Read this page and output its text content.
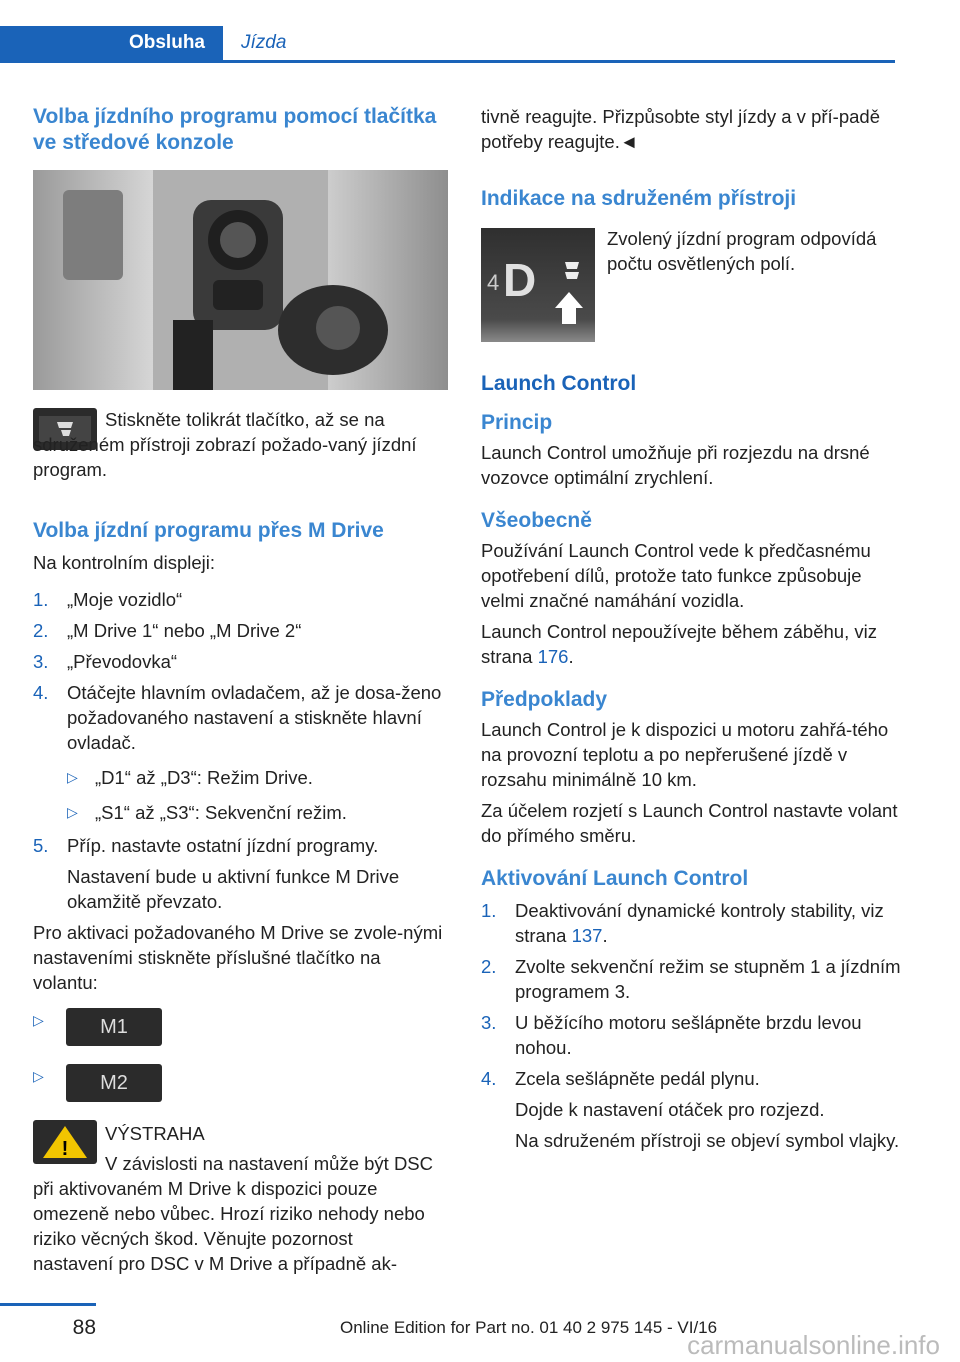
Obsluha	Jízda
Volba jízdního programu pomocí tlačítka ve středové konzole
Stiskněte tolikrát tlačítko, až se na sdruženém přístroji zobrazí požado-vaný jízdní program.
Volba jízdní programu přes M Drive
Na kontrolním displeji:
1. „Moje vozidlo“
2. „M Drive 1“ nebo „M Drive 2“
3. „Převodovka“
4. Otáčejte hlavním ovladačem, až je dosa-ženo požadovaného nastavení a stiskněte hlavní ovladač.
▷ „D1“ až „D3“: Režim Drive.
▷ „S1“ až „S3“: Sekvenční režim.
5. Příp. nastavte ostatní jízdní programy.
Nastavení bude u aktivní funkce M Drive okamžitě převzato.
Pro aktivaci požadovaného M Drive se zvole-nými nastaveními stiskněte příslušné tlačítko na volantu:
▷	M1
▷	M2
!
VÝSTRAHA
V závislosti na nastavení může být DSC při aktivovaném M Drive k dispozici pouze omezeně nebo vůbec. Hrozí riziko nehody nebo riziko věcných škod. Věnujte pozornost nastavení pro DSC v M Drive a případně ak-
tivně reagujte. Přizpůsobte styl jízdy a v pří-padě potřeby reagujte.◄
Indikace na sdruženém přístroji
4 D
Zvolený jízdní program odpovídá počtu osvětlených polí.
Launch Control
Princip
Launch Control umožňuje při rozjezdu na drsné vozovce optimální zrychlení.
Všeobecně
Používání Launch Control vede k předčasnému opotřebení dílů, protože tato funkce způsobuje velmi značné namáhání vozidla.
Launch Control nepoužívejte během záběhu, viz strana 176.
Předpoklady
Launch Control je k dispozici u motoru zahřá-tého na provozní teplotu a po nepřerušené jízdě v rozsahu minimálně 10 km.
Za účelem rozjetí s Launch Control nastavte volant do přímého směru.
Aktivování Launch Control
1. Deaktivování dynamické kontroly stability, viz strana 137.
2. Zvolte sekvenční režim se stupněm 1 a jízdním programem 3.
3. U běžícího motoru sešlápněte brzdu levou nohou.
4. Zcela sešlápněte pedál plynu.
Dojde k nastavení otáček pro rozjezd.
Na sdruženém přístroji se objeví symbol vlajky.
88	Online Edition for Part no. 01 40 2 975 145 - VI/16
carmanualsonline.info
